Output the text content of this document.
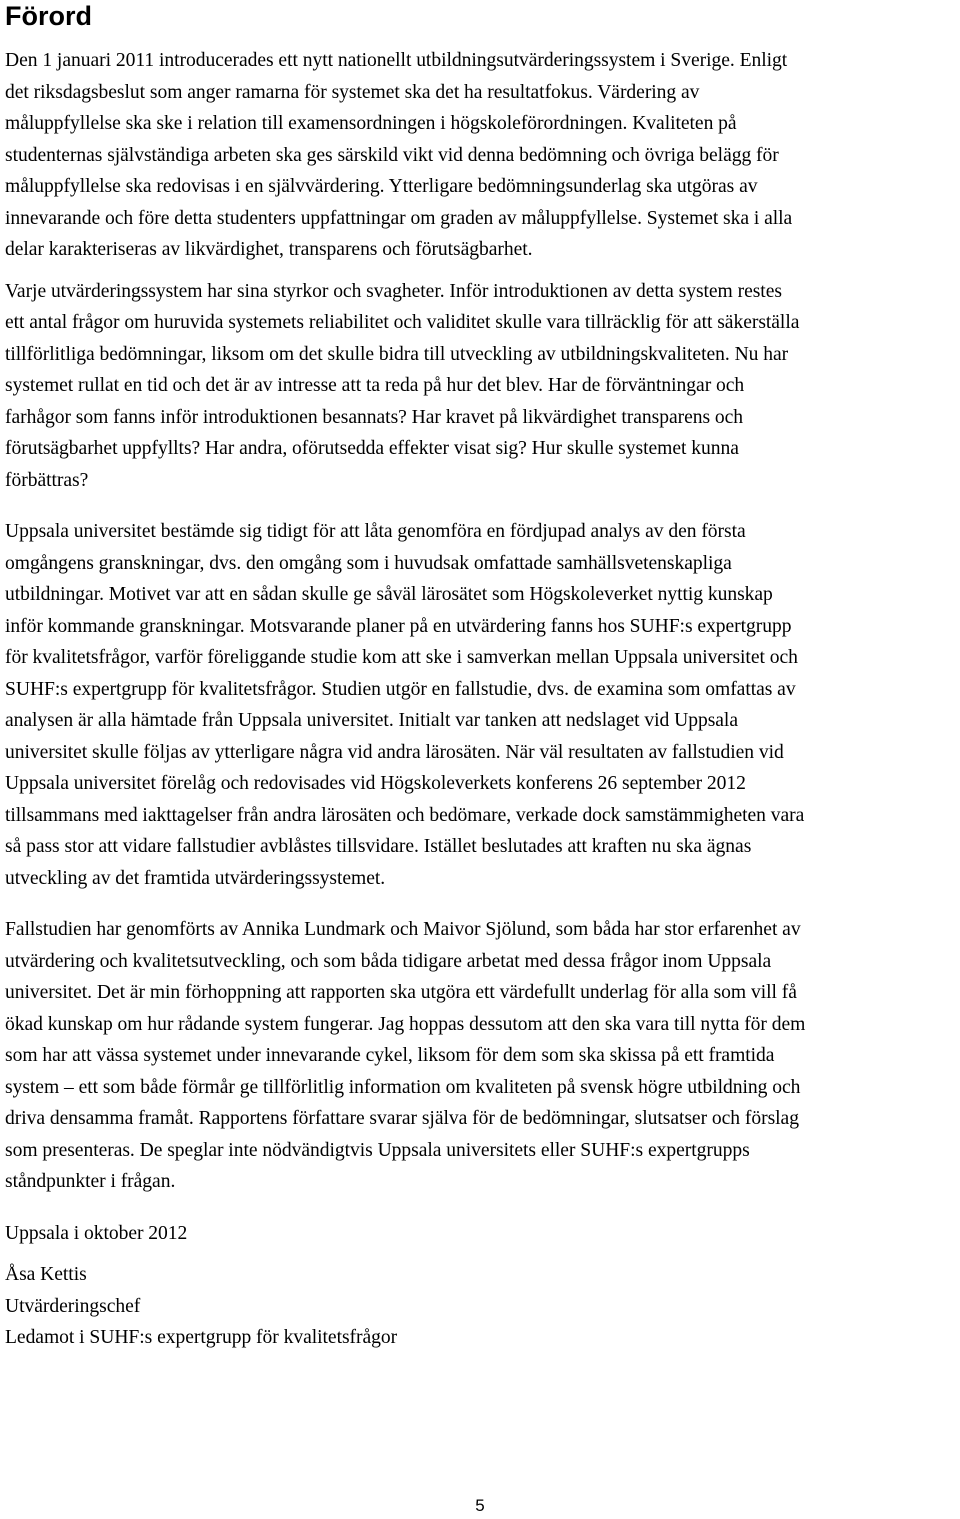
Förord
Den 1 januari 2011 introducerades ett nytt nationellt utbildningsutvärderingssystem i Sverige. Enligt
det riksdagsbeslut som anger ramarna för systemet ska det ha resultatfokus. Värdering av
måluppfyllelse ska ske i relation till examensordningen i högskoleförordningen. Kvaliteten på
studenternas självständiga arbeten ska ges särskild vikt vid denna bedömning och övriga belägg för
måluppfyllelse ska redovisas i en självvärdering. Ytterligare bedömningsunderlag ska utgöras av
innevarande och före detta studenters uppfattningar om graden av måluppfyllelse. Systemet ska i alla
delar karakteriseras av likvärdighet, transparens och förutsägbarhet.
Varje utvärderingssystem har sina styrkor och svagheter. Inför introduktionen av detta system restes
ett antal frågor om huruvida systemets reliabilitet och validitet skulle vara tillräcklig för att säkerställa
tillförlitliga bedömningar, liksom om det skulle bidra till utveckling av utbildningskvaliteten. Nu har
systemet rullat en tid och det är av intresse att ta reda på hur det blev. Har de förväntningar och
farhågor som fanns inför introduktionen besannats? Har kravet på likvärdighet transparens och
förutsägbarhet uppfyllts? Har andra, oförutsedda effekter visat sig? Hur skulle systemet kunna
förbättras?
Uppsala universitet bestämde sig tidigt för att låta genomföra en fördjupad analys av den första
omgångens granskningar, dvs. den omgång som i huvudsak omfattade samhällsvetenskapliga
utbildningar. Motivet var att en sådan skulle ge såväl lärosätet som Högskoleverket nyttig kunskap
inför kommande granskningar. Motsvarande planer på en utvärdering fanns hos SUHF:s expertgrupp
för kvalitetsfrågor, varför föreliggande studie kom att ske i samverkan mellan Uppsala universitet och
SUHF:s expertgrupp för kvalitetsfrågor. Studien utgör en fallstudie, dvs. de examina som omfattas av
analysen är alla hämtade från Uppsala universitet. Initialt var tanken att nedslaget vid Uppsala
universitet skulle följas av ytterligare några vid andra lärosäten. När väl resultaten av fallstudien vid
Uppsala universitet förelåg och redovisades vid Högskoleverkets konferens 26 september 2012
tillsammans med iakttagelser från andra lärosäten och bedömare, verkade dock samstämmigheten vara
så pass stor att vidare fallstudier avblåstes tillsvidare. Istället beslutades att kraften nu ska ägnas
utveckling av det framtida utvärderingssystemet.
Fallstudien har genomförts av Annika Lundmark och Maivor Sjölund, som båda har stor erfarenhet av
utvärdering och kvalitetsutveckling, och som båda tidigare arbetat med dessa frågor inom Uppsala
universitet. Det är min förhoppning att rapporten ska utgöra ett värdefullt underlag för alla som vill få
ökad kunskap om hur rådande system fungerar. Jag hoppas dessutom att den ska vara till nytta för dem
som har att vässa systemet under innevarande cykel, liksom för dem som ska skissa på ett framtida
system – ett som både förmår ge tillförlitlig information om kvaliteten på svensk högre utbildning och
driva densamma framåt. Rapportens författare svarar själva för de bedömningar, slutsatser och förslag
som presenteras. De speglar inte nödvändigtvis Uppsala universitets eller SUHF:s expertgrupps
ståndpunkter i frågan.
Uppsala i oktober 2012
Åsa Kettis
Utvärderingschef
Ledamot i SUHF:s expertgrupp för kvalitetsfrågor
5
